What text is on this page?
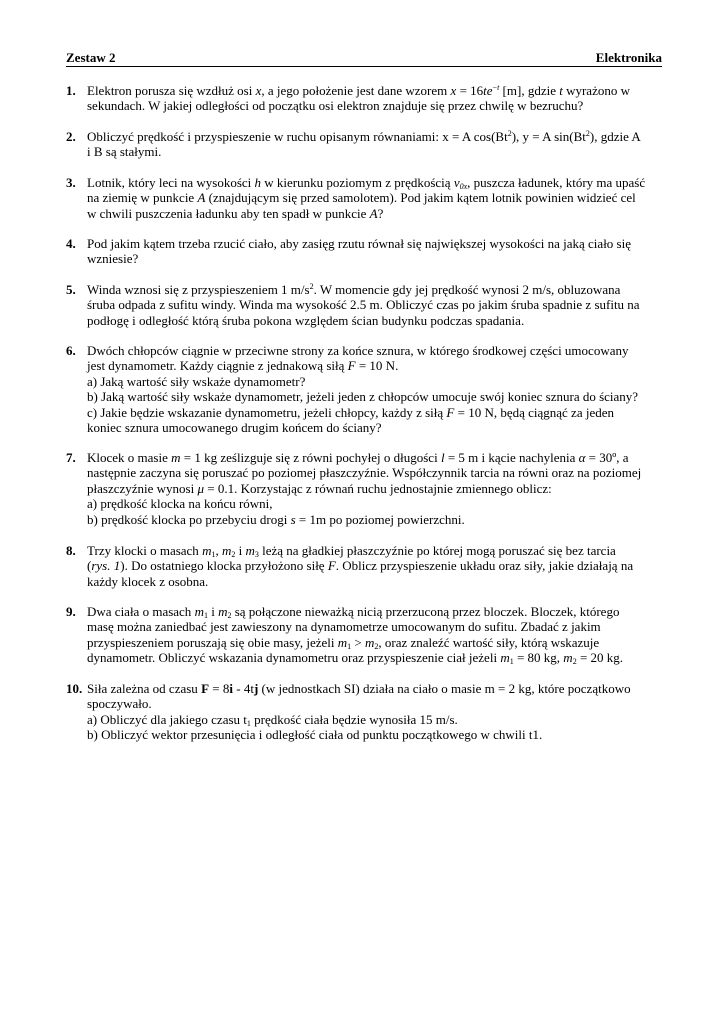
Zestaw 2	Elektronika
1. Elektron porusza się wzdłuż osi x, a jego położenie jest dane wzorem $x = 16te^{-t}$ [m], gdzie t wyrażono w
sekundach. W jakiej odległości od początku osi elektron znajduje się przez chwilę w bezruchu?
2. Obliczyć prędkość i przyspieszenie w ruchu opisanym równaniami: x = A cos(Bt$^2$), y = A sin(Bt$^2$), gdzie A
i B są stałymi.
3. Lotnik, który leci na wysokości h w kierunku poziomym z prędkością $v_{0x}$, puszcza ładunek, który ma upaść
na ziemię w punkcie A (znajdującym się przed samolotem). Pod jakim kątem lotnik powinien widzieć cel
w chwili puszczenia ładunku aby ten spadł w punkcie A?
4. Pod jakim kątem trzeba rzucić ciało, aby zasięg rzutu równał się największej wysokości na jaką ciało się
wzniesie?
5. Winda wznosi się z przyspieszeniem 1 $m/s^2$. W momencie gdy jej prędkość wynosi 2 m/s, obluzowana
śruba odpada z sufitu windy. Winda ma wysokość 2.5 m. Obliczyć czas po jakim śruba spadnie z sufitu na
podłogę i odległość którą śruba pokona względem ścian budynku podczas spadania.
6. Dwóch chłopców ciągnie w przeciwne strony za końce sznura, w którego środkowej części umocowany
jest dynamometr. Każdy ciągnie z jednakową siłą F = 10 N.
a) Jaką wartość siły wskaże dynamometr?
b) Jaką wartość siły wskaże dynamometr, jeżeli jeden z chłopców umocuje swój koniec sznura do ściany?
c) Jakie będzie wskazanie dynamometru, jeżeli chłopcy, każdy z siłą F = 10 N, będą ciągnąć za jeden
koniec sznura umocowanego drugim końcem do ściany?
7. Klocek o masie m = 1 kg ześlizguje się z równi pochyłej o długości l = 5 m i kącie nachylenia α = 30º, a
następnie zaczyna się poruszać po poziomej płaszczyźnie. Współczynnik tarcia na równi oraz na poziomej
płaszczyźnie wynosi μ = 0.1. Korzystając z równań ruchu jednostajnie zmiennego oblicz:
a) prędkość klocka na końcu równi,
b) prędkość klocka po przebyciu drogi s = 1m po poziomej powierzchni.
8. Trzy klocki o masach $m_1$, $m_2$ i $m_3$ leżą na gładkiej płaszczyźnie po której mogą poruszać się bez tarcia
(rys. 1). Do ostatniego klocka przyłożono siłę F. Oblicz przyspieszenie układu oraz siły, jakie działają na
każdy klocek z osobna.
9. Dwa ciała o masach $m_1$ i $m_2$ są połączone nieważką nicią przerzuconą przez bloczek. Bloczek, którego
masę można zaniedbać jest zawieszony na dynamometrze umocowanym do sufitu. Zbadać z jakim
przyspieszeniem poruszają się obie masy, jeżeli $m_1 > m_2$, oraz znaleźć wartość siły, którą wskazuje
dynamometr. Obliczyć wskazania dynamometru oraz przyspieszenie ciał jeżeli $m_1 = 80$ kg, $m_2 = 20$ kg.
10. Siła zależna od czasu F = 8i - 4tj (w jednostkach SI) działa na ciało o masie m = 2 kg, które początkowo
spoczywało.
a) Obliczyć dla jakiego czasu $t_1$ prędkość ciała będzie wynosiła 15 m/s.
b) Obliczyć wektor przesunięcia i odległość ciała od punktu początkowego w chwili t1.
